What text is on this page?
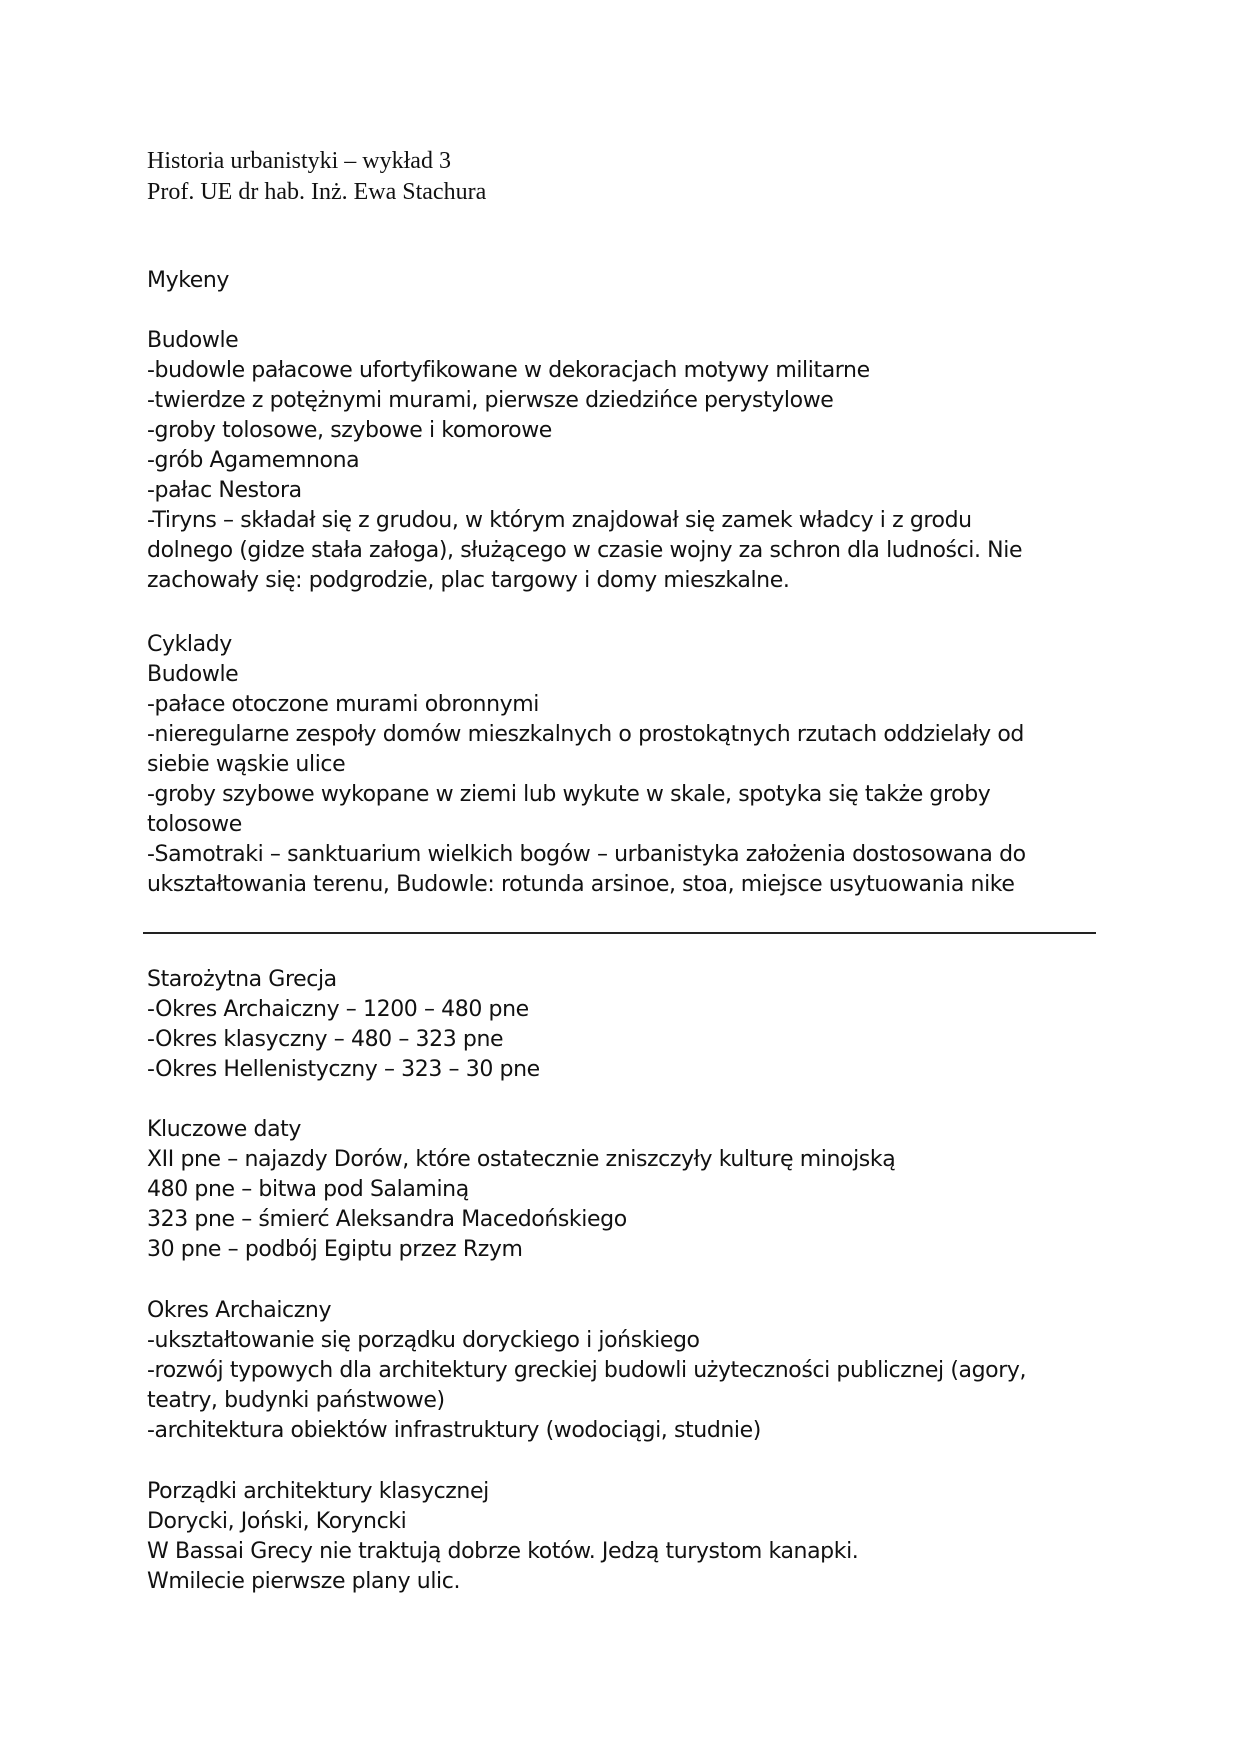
Historia urbanistyki – wykład 3
Prof. UE dr hab. Inż. Ewa Stachura
Mykeny
Budowle
-budowle pałacowe ufortyfikowane w dekoracjach motywy militarne
-twierdze z potężnymi murami, pierwsze dziedzińce perystylowe
-groby tolosowe, szybowe i komorowe
-grób Agamemnona
-pałac Nestora
-Tiryns – składał się z grudou, w którym znajdował się zamek władcy i z grodu
dolnego (gidze stała załoga), służącego w czasie wojny za schron dla ludności. Nie
zachowały się: podgrodzie, plac targowy i domy mieszkalne.
Cyklady
Budowle
-pałace otoczone murami obronnymi
-nieregularne zespoły domów mieszkalnych o prostokątnych rzutach oddzielały od
siebie wąskie ulice
-groby szybowe wykopane w ziemi lub wykute w skale, spotyka się także groby
tolosowe
-Samotraki – sanktuarium wielkich bogów – urbanistyka założenia dostosowana do
ukształtowania terenu, Budowle: rotunda arsinoe, stoa, miejsce usytuowania nike
Starożytna Grecja
-Okres Archaiczny – 1200 – 480 pne
-Okres klasyczny – 480 – 323 pne
-Okres Hellenistyczny – 323 – 30 pne
Kluczowe daty
XII pne – najazdy Dorów, które ostatecznie zniszczyły kulturę minojską
480 pne – bitwa pod Salaminą
323 pne – śmierć Aleksandra Macedońskiego
30 pne – podbój Egiptu przez Rzym
Okres Archaiczny
-ukształtowanie się porządku doryckiego i jońskiego
-rozwój typowych dla architektury greckiej budowli użyteczności publicznej (agory,
teatry, budynki państwowe)
-architektura obiektów infrastruktury (wodociągi, studnie)
Porządki architektury klasycznej
Dorycki, Joński, Koryncki
W Bassai Grecy nie traktują dobrze kotów. Jedzą turystom kanapki.
Wmilecie pierwsze plany ulic.
